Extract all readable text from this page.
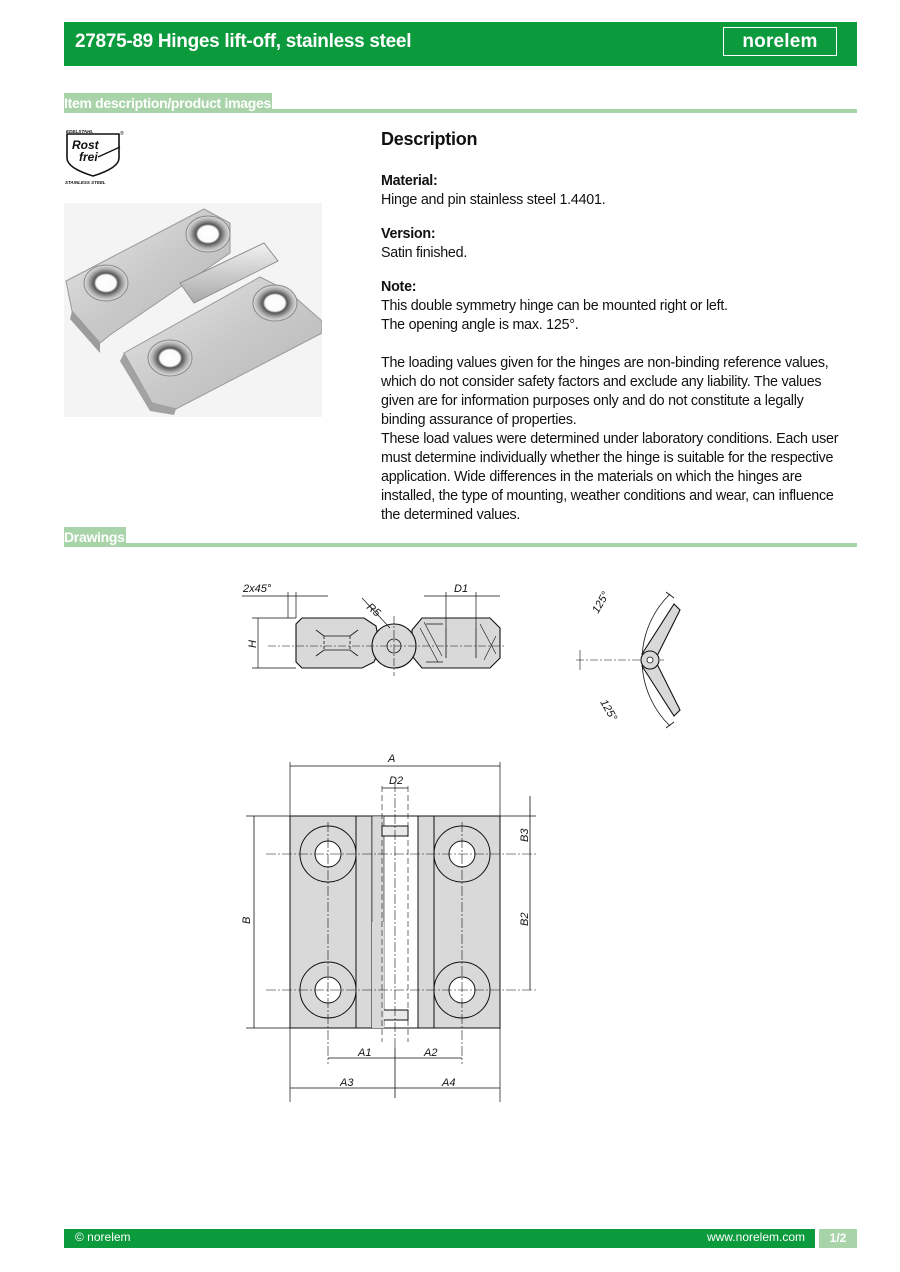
27875-89 Hinges lift-off, stainless steel	norelem
Item description/product images
EDELSTAHL	®
Rost
frei
STAINLESS STEEL
Description

Material:

Hinge and pin stainless steel 1.4401.

Version:

Satin finished.

Note:

This double symmetry hinge can be mounted right or left.

The opening angle is max. 125°.

The loading values given for the hinges are non-binding reference values, which do not consider safety factors and exclude any liability. The values given are for information purposes only and do not constitute a legally binding assurance of properties.

These load values were determined under laboratory conditions. Each user must determine individually whether the hinge is suitable for the respective application. Wide differences in the materials on which the hinges are installed, the type of mounting, weather conditions and wear, can influence the determined values.

Drawings
2x45°
H
R5
D1
125°
125°
A
D2
B
B3
B2
A1	A2
A3	A4
© norelem	www.norelem.com	1/2
